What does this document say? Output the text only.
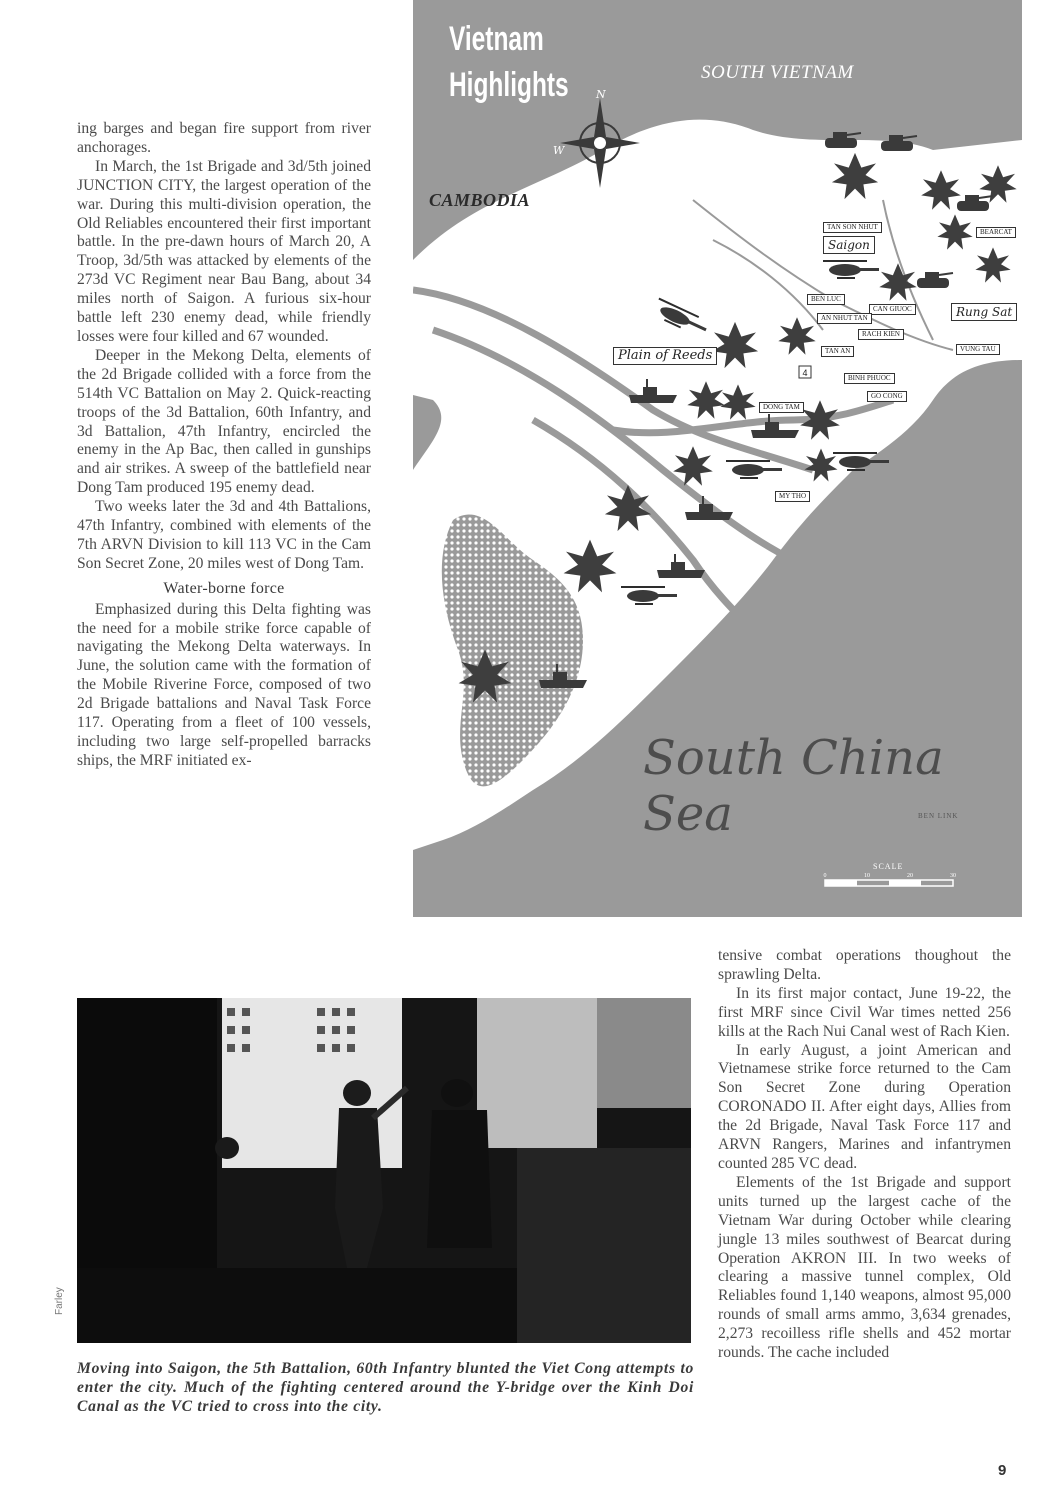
ing barges and began fire support from river anchorages.

In March, the 1st Brigade and 3d/5th joined JUNCTION CITY, the largest operation of the war. During this multi-division operation, the Old Reliables encountered their first important battle. In the pre-dawn hours of March 20, A Troop, 3d/5th was attacked by elements of the 273d VC Regiment near Bau Bang, about 34 miles north of Saigon. A furious six-hour battle left 230 enemy dead, while friendly losses were four killed and 67 wounded.

Deeper in the Mekong Delta, elements of the 2d Brigade collided with a force from the 514th VC Battalion on May 2. Quick-reacting troops of the 3d Battalion, 60th Infantry, and 3d Battalion, 47th Infantry, encircled the enemy in the Ap Bac, then called in gunships and air strikes. A sweep of the battlefield near Dong Tam produced 195 enemy dead.

Two weeks later the 3d and 4th Battalions, 47th Infantry, combined with elements of the 7th ARVN Division to kill 113 VC in the Cam Son Secret Zone, 20 miles west of Dong Tam.

Water-borne force

Emphasized during this Delta fighting was the need for a mobile strike force capable of navigating the Mekong Delta waterways. In June, the solution came with the formation of the Mobile Riverine Force, composed of two 2d Brigade battalions and Naval Task Force 117. Operating from a fleet of 100 vessels, including two large self-propelled barracks ships, the MRF initiated ex-

4
0	10	20	30
Vietnam
Highlights	SOUTH VIETNAM
CAMBODIA
South China Sea
N
W	E
TAN SON NHUT
Saigon
BEARCAT
BEN LUC
CAN GIUOC
AN NHUT TAN	Rung Sat
RACH KIEN
VUNG TAU
TAN AN
Plain of Reeds
BINH PHUOC
GO CONG
DONG TAM
MY THO
BEN LINK
SCALE
Farley
Moving into Saigon, the 5th Battalion, 60th Infantry blunted the Viet Cong attempts to enter the city. Much of the fighting centered around the Y-bridge over the Kinh Doi Canal as the VC tried to cross into the city.

tensive combat operations thoughout the sprawling Delta.

In its first major contact, June 19-22, the first MRF since Civil War times netted 256 kills at the Rach Nui Canal west of Rach Kien.

In early August, a joint American and Vietnamese strike force returned to the Cam Son Secret Zone during Operation CORONADO II. After eight days, Allies from the 2d Brigade, Naval Task Force 117 and ARVN Rangers, Marines and infantrymen counted 285 VC dead.

Elements of the 1st Brigade and support units turned up the largest cache of the Vietnam War during October while clearing jungle 13 miles southwest of Bearcat during Operation AKRON III. In two weeks of clearing a massive tunnel complex, Old Reliables found 1,140 weapons, almost 95,000 rounds of small arms ammo, 3,634 grenades, 2,273 recoilless rifle shells and 452 mortar rounds. The cache included

9
